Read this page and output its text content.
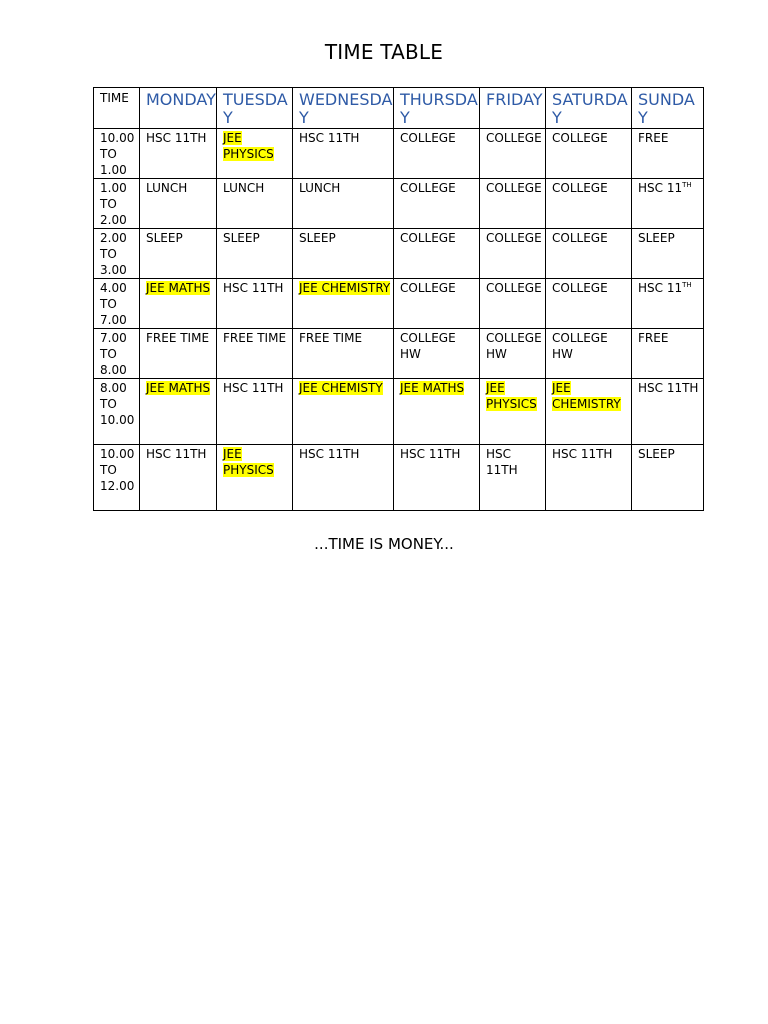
TIME TABLE
TIME	MONDAY	TUESDAY	WEDNESDAY	THURSDAY	FRIDAY	SATURDAY	SUNDAY
10.00 TO 1.00	HSC 11TH	JEE PHYSICS	HSC 11TH	COLLEGE	COLLEGE	COLLEGE	FREE
1.00 TO 2.00	LUNCH	LUNCH	LUNCH	COLLEGE	COLLEGE	COLLEGE	HSC 11TH
2.00 TO 3.00	SLEEP	SLEEP	SLEEP	COLLEGE	COLLEGE	COLLEGE	SLEEP
4.00 TO 7.00	JEE MATHS	HSC 11TH	JEE CHEMISTRY	COLLEGE	COLLEGE	COLLEGE	HSC 11TH
7.00 TO 8.00	FREE TIME	FREE TIME	FREE TIME	COLLEGE HW	COLLEGE HW	COLLEGE HW	FREE
8.00 TO 10.00	JEE MATHS	HSC 11TH	JEE CHEMISTY	JEE MATHS	JEE PHYSICS	JEE CHEMISTRY	HSC 11TH
10.00 TO 12.00	HSC 11TH	JEE PHYSICS	HSC 11TH	HSC 11TH	HSC 11TH	HSC 11TH	SLEEP
...TIME IS MONEY...
